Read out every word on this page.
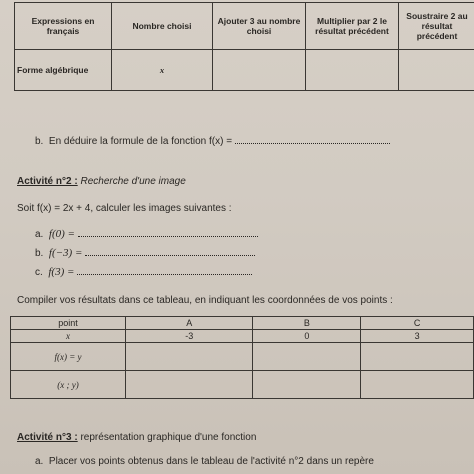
Expressions en français	Nombre choisi	Ajouter 3 au nombre choisi	Multiplier par 2 le résultat précédent	Soustraire 2 au résultat précédent
Forme algébrique	x			
b. En déduire la formule de la fonction f(x) =
Activité n°2 : Recherche d'une image
Soit f(x) = 2x + 4, calculer les images suivantes :
a. f(0) =
b. f(−3) =
c. f(3) =
Compiler vos résultats dans ce tableau, en indiquant les coordonnées de vos points :
point	A	B	C
x	-3	0	3
f(x) = y			
(x ; y)			
Activité n°3 : représentation graphique d'une fonction
a. Placer vos points obtenus dans le tableau de l'activité n°2 dans un repère
